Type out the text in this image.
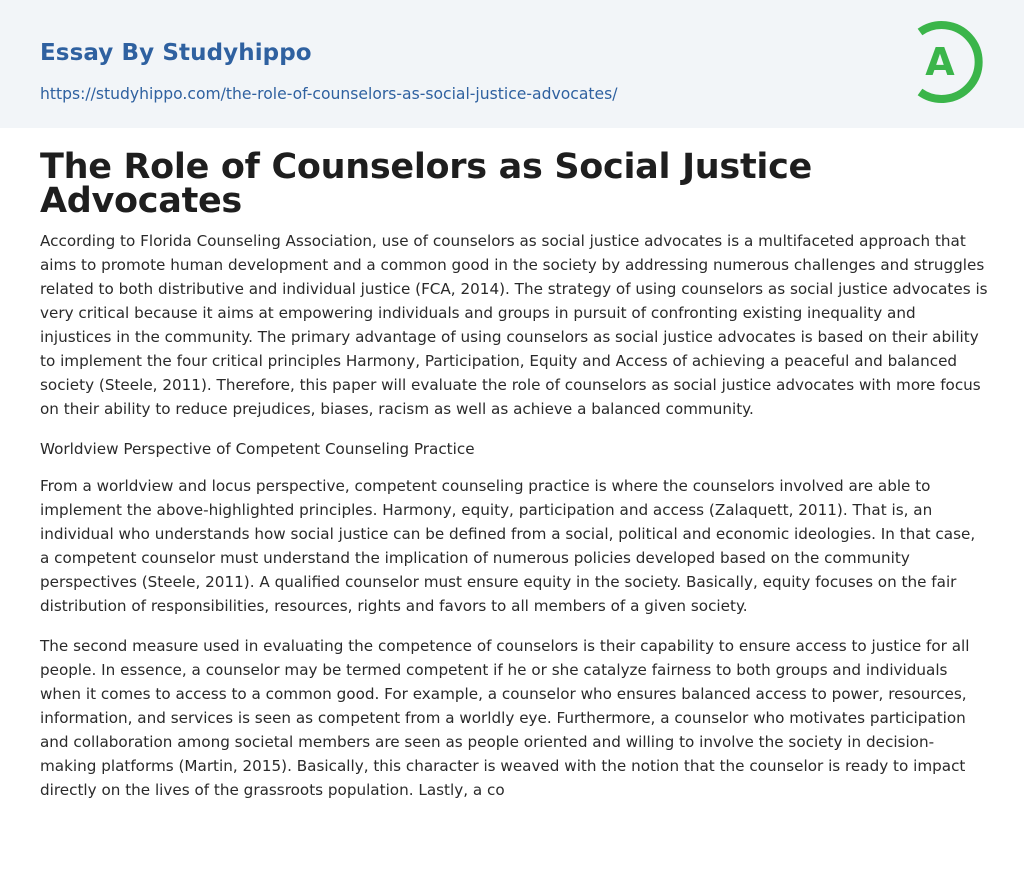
Essay By Studyhippo
https://studyhippo.com/the-role-of-counselors-as-social-justice-advocates/
A
The Role of Counselors as Social Justice Advocates

According to Florida Counseling Association, use of counselors as social justice advocates is a multifaceted approach that aims to promote human development and a common good in the society by addressing numerous challenges and struggles related to both distributive and individual justice (FCA, 2014). The strategy of using counselors as social justice advocates is very critical because it aims at empowering individuals and groups in pursuit of confronting existing inequality and injustices in the community. The primary advantage of using counselors as social justice advocates is based on their ability to implement the four critical principles Harmony, Participation, Equity and Access of achieving a peaceful and balanced society (Steele, 2011). Therefore, this paper will evaluate the role of counselors as social justice advocates with more focus on their ability to reduce prejudices, biases, racism as well as achieve a balanced community.

Worldview Perspective of Competent Counseling Practice

From a worldview and locus perspective, competent counseling practice is where the counselors involved are able to implement the above-highlighted principles. Harmony, equity, participation and access (Zalaquett, 2011). That is, an individual who understands how social justice can be defined from a social, political and economic ideologies. In that case, a competent counselor must understand the implication of numerous policies developed based on the community perspectives (Steele, 2011). A qualified counselor must ensure equity in the society. Basically, equity focuses on the fair distribution of responsibilities, resources, rights and favors to all members of a given society.

The second measure used in evaluating the competence of counselors is their capability to ensure access to justice for all people. In essence, a counselor may be termed competent if he or she catalyze fairness to both groups and individuals when it comes to access to a common good. For example, a counselor who ensures balanced access to power, resources, information, and services is seen as competent from a worldly eye. Furthermore, a counselor who motivates participation and collaboration among societal members are seen as people oriented and willing to involve the society in decision-making platforms (Martin, 2015). Basically, this character is weaved with the notion that the counselor is ready to impact directly on the lives of the grassroots population. Lastly, a co
